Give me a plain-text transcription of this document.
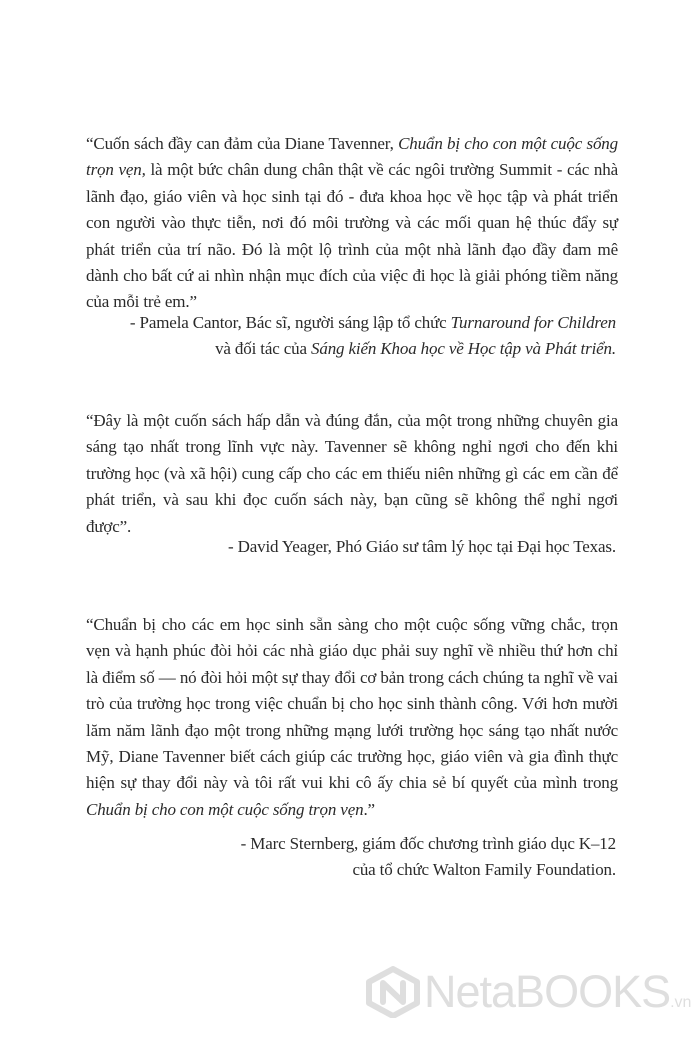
“Cuốn sách đầy can đảm của Diane Tavenner, Chuẩn bị cho con một cuộc sống trọn vẹn, là một bức chân dung chân thật về các ngôi trường Summit - các nhà lãnh đạo, giáo viên và học sinh tại đó - đưa khoa học về học tập và phát triển con người vào thực tiễn, nơi đó môi trường và các mối quan hệ thúc đẩy sự phát triển của trí não. Đó là một lộ trình của một nhà lãnh đạo đầy đam mê dành cho bất cứ ai nhìn nhận mục đích của việc đi học là giải phóng tiềm năng của mỗi trẻ em.”
- Pamela Cantor, Bác sĩ, người sáng lập tổ chức Turnaround for Children
và đối tác của Sáng kiến Khoa học về Học tập và Phát triển.
“Đây là một cuốn sách hấp dẫn và đúng đắn, của một trong những chuyên gia sáng tạo nhất trong lĩnh vực này. Tavenner sẽ không nghỉ ngơi cho đến khi trường học (và xã hội) cung cấp cho các em thiếu niên những gì các em cần để phát triển, và sau khi đọc cuốn sách này, bạn cũng sẽ không thể nghỉ ngơi được”.
- David Yeager, Phó Giáo sư tâm lý học tại Đại học Texas.
“Chuẩn bị cho các em học sinh sẵn sàng cho một cuộc sống vững chắc, trọn vẹn và hạnh phúc đòi hỏi các nhà giáo dục phải suy nghĩ về nhiều thứ hơn chỉ là điểm số — nó đòi hỏi một sự thay đổi cơ bản trong cách chúng ta nghĩ về vai trò của trường học trong việc chuẩn bị cho học sinh thành công. Với hơn mười lăm năm lãnh đạo một trong những mạng lưới trường học sáng tạo nhất nước Mỹ, Diane Tavenner biết cách giúp các trường học, giáo viên và gia đình thực hiện sự thay đổi này và tôi rất vui khi cô ấy chia sẻ bí quyết của mình trong Chuẩn bị cho con một cuộc sống trọn vẹn.”
- Marc Sternberg, giám đốc chương trình giáo dục K–12
của tổ chức Walton Family Foundation.
NetaBOOKS.vn
